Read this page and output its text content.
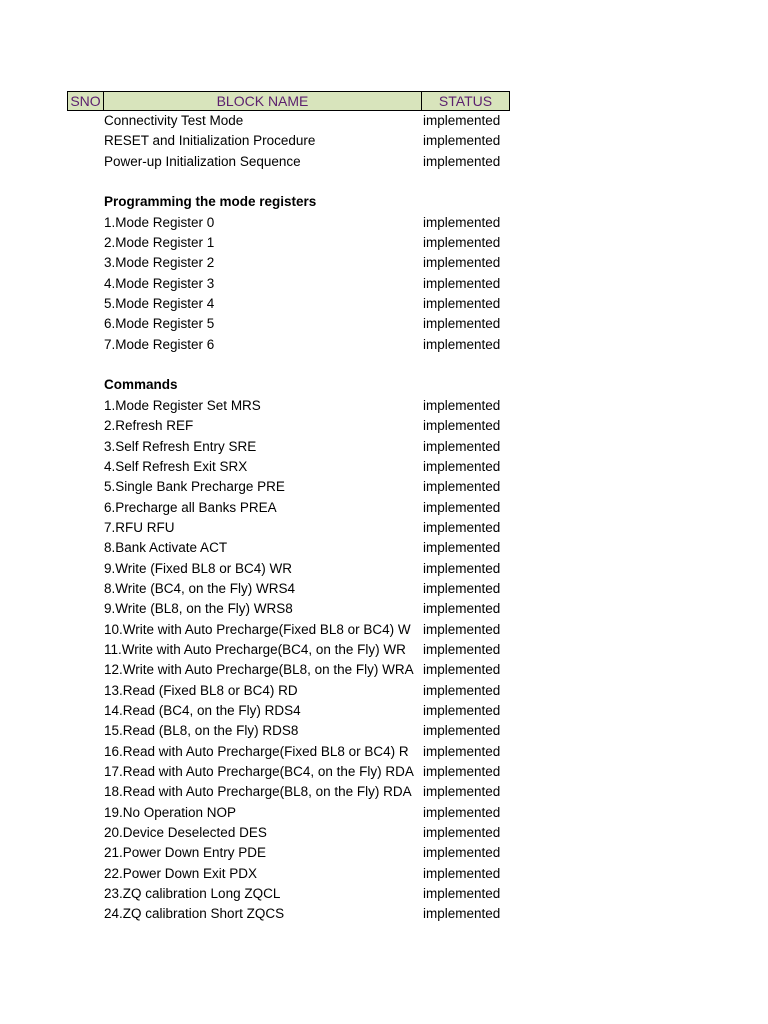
SNO	BLOCK NAME	STATUS
Connectivity Test Mode	implemented
RESET and Initialization Procedure	implemented
Power-up Initialization Sequence	implemented
Programming the mode registers
1.Mode Register 0	implemented
2.Mode Register 1	implemented
3.Mode Register 2	implemented
4.Mode Register 3	implemented
5.Mode Register 4	implemented
6.Mode Register 5	implemented
7.Mode Register 6	implemented
Commands
1.Mode Register Set MRS	implemented
2.Refresh REF	implemented
3.Self Refresh Entry SRE	implemented
4.Self Refresh Exit SRX	implemented
5.Single Bank Precharge PRE	implemented
6.Precharge all Banks PREA	implemented
7.RFU RFU	implemented
8.Bank Activate ACT	implemented
9.Write (Fixed BL8 or BC4) WR	implemented
8.Write (BC4, on the Fly) WRS4	implemented
9.Write (BL8, on the Fly) WRS8	implemented
10.Write with Auto Precharge(Fixed BL8 or BC4) W implemented
11.Write with Auto Precharge(BC4, on the Fly) WR	implemented
12.Write with Auto Precharge(BL8, on the Fly) WRA implemented
13.Read (Fixed BL8 or BC4) RD	implemented
14.Read (BC4, on the Fly) RDS4	implemented
15.Read (BL8, on the Fly) RDS8	implemented
16.Read with Auto Precharge(Fixed BL8 or BC4) R	implemented
17.Read with Auto Precharge(BC4, on the Fly) RDA implemented
18.Read with Auto Precharge(BL8, on the Fly) RDA implemented
19.No Operation NOP	implemented
20.Device Deselected DES	implemented
21.Power Down Entry PDE	implemented
22.Power Down Exit PDX	implemented
23.ZQ calibration Long ZQCL	implemented
24.ZQ calibration Short ZQCS	implemented
